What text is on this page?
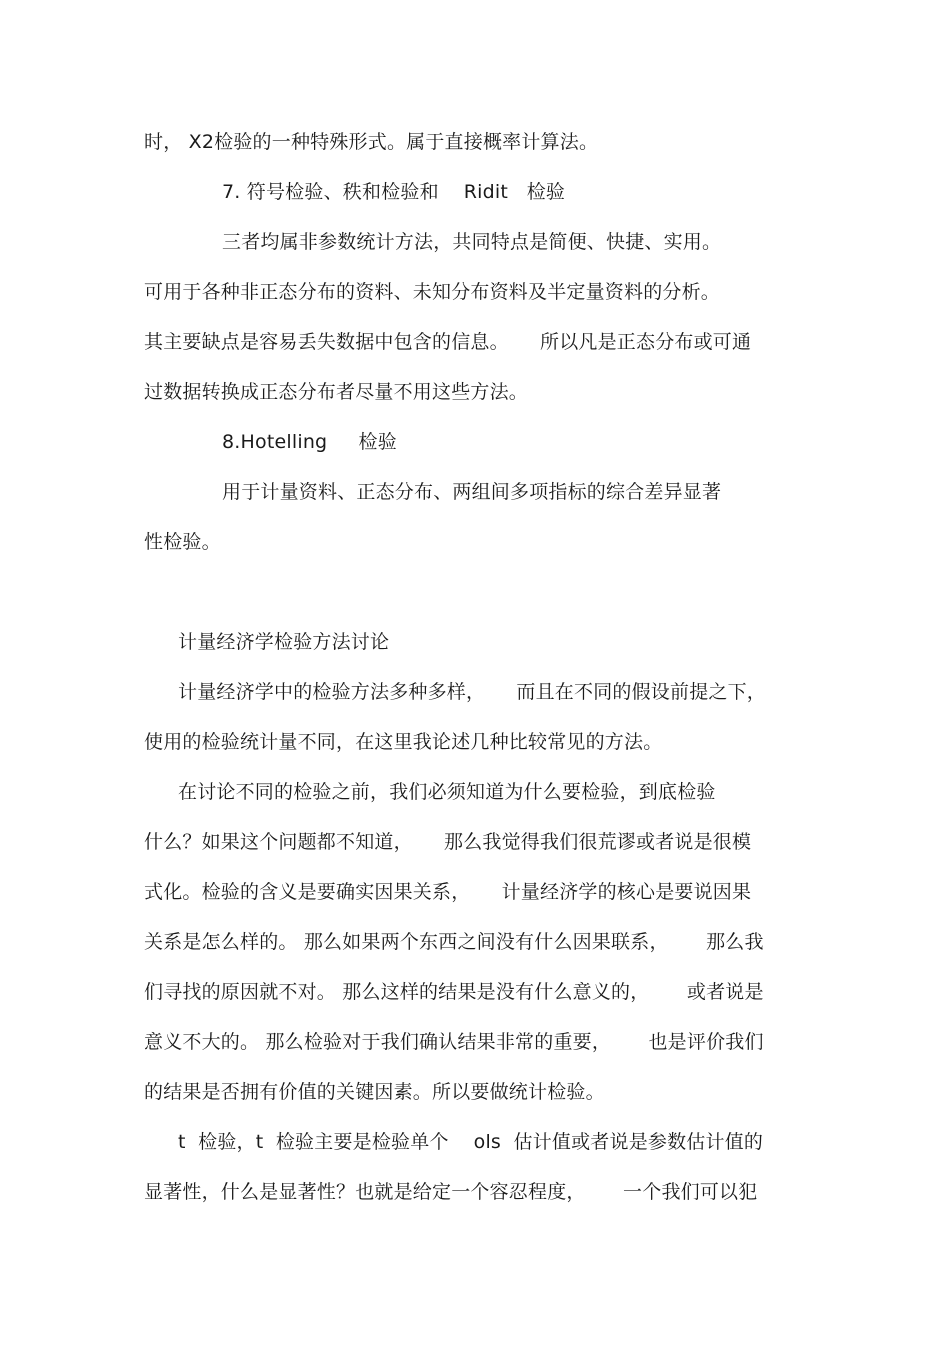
时， X2检验的一种特殊形式。属于直接概率计算法。
7. 符号检验、秩和检验和    Ridit   检验
三者均属非参数统计方法，共同特点是简便、快捷、实用。
可用于各种非正态分布的资料、未知分布资料及半定量资料的分析。
其主要缺点是容易丢失数据中包含的信息。     所以凡是正态分布或可通
过数据转换成正态分布者尽量不用这些方法。
8.Hotelling     检验
用于计量资料、正态分布、两组间多项指标的综合差异显著
性检验。
计量经济学检验方法讨论
计量经济学中的检验方法多种多样，     而且在不同的假设前提之下，
使用的检验统计量不同，在这里我论述几种比较常见的方法。
在讨论不同的检验之前，我们必须知道为什么要检验，到底检验
什么？如果这个问题都不知道，     那么我觉得我们很荒谬或者说是很模
式化。检验的含义是要确实因果关系，     计量经济学的核心是要说因果
关系是怎么样的。 那么如果两个东西之间没有什么因果联系，      那么我
们寻找的原因就不对。 那么这样的结果是没有什么意义的，      或者说是
意义不大的。 那么检验对于我们确认结果非常的重要，      也是评价我们
的结果是否拥有价值的关键因素。所以要做统计检验。
t  检验，t  检验主要是检验单个    ols  估计值或者说是参数估计值的
显著性，什么是显著性？也就是给定一个容忍程度，      一个我们可以犯
